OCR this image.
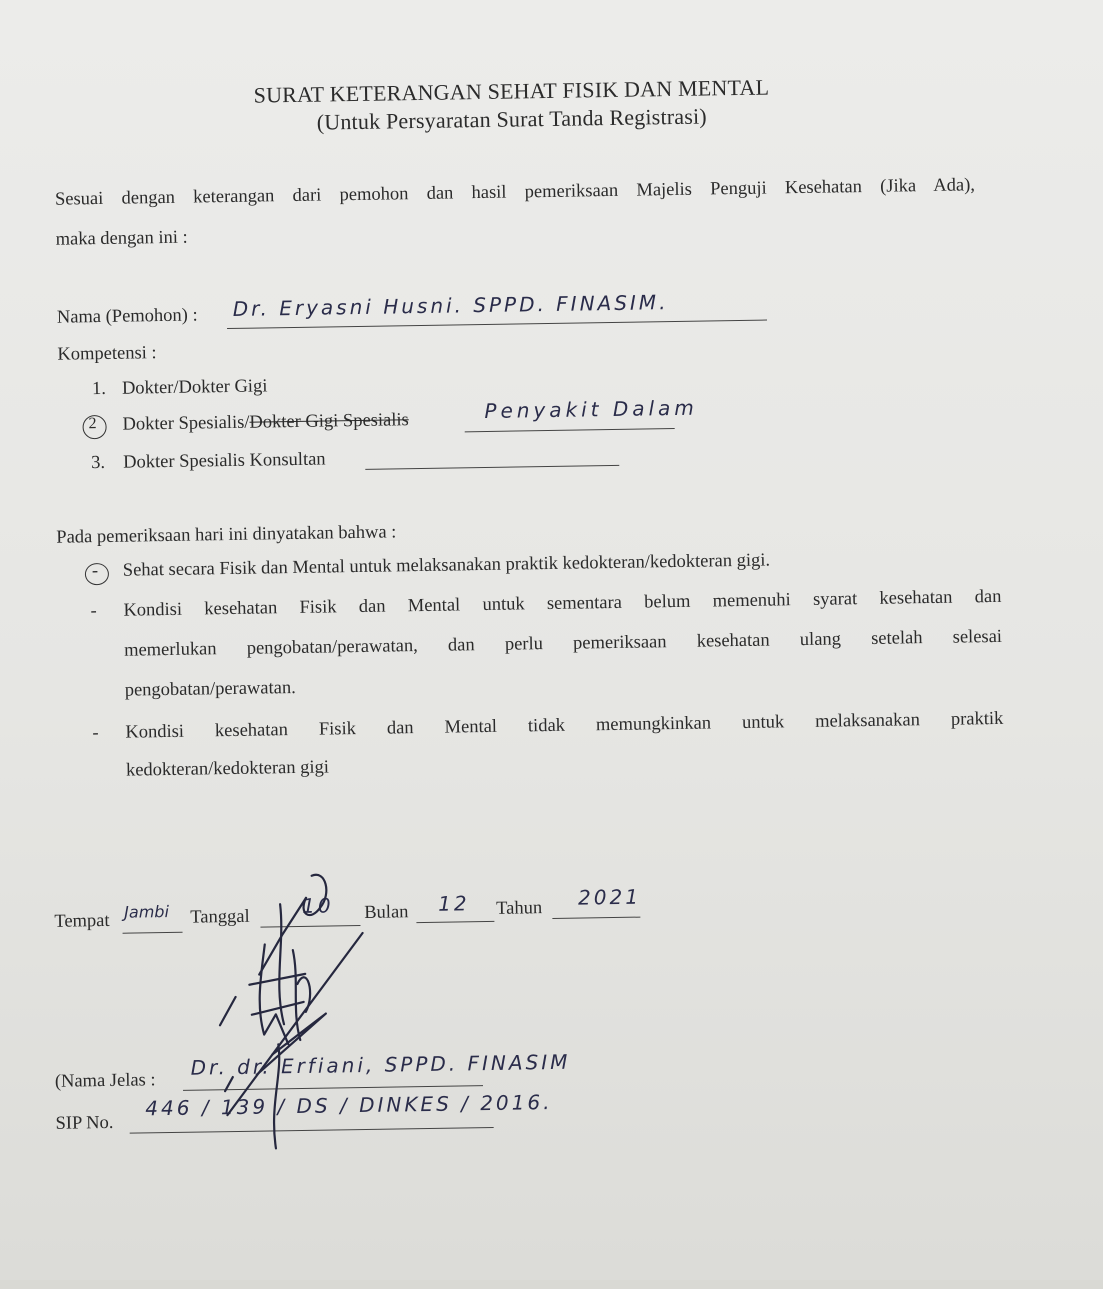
SURAT KETERANGAN SEHAT FISIK DAN MENTAL
(Untuk Persyaratan Surat Tanda Registrasi)
Sesuai dengan keterangan dari pemohon dan hasil pemeriksaan Majelis Penguji Kesehatan (Jika Ada),
maka dengan ini :
Nama (Pemohon) : Dr. Eryasni Husni. SPPD. FINASIM.
Kompetensi :
1. Dokter/Dokter Gigi
2 Dokter Spesialis/Dokter Gigi Spesialis	Penyakit Dalam
3. Dokter Spesialis Konsultan
Pada pemeriksaan hari ini dinyatakan bahwa :
- Sehat secara Fisik dan Mental untuk melaksanakan praktik kedokteran/kedokteran gigi.
- Kondisi kesehatan Fisik dan Mental untuk sementara belum memenuhi syarat kesehatan dan
memerlukan pengobatan/perawatan, dan perlu pemeriksaan kesehatan ulang setelah selesai
pengobatan/perawatan.
- Kondisi kesehatan Fisik dan Mental tidak memungkinkan untuk melaksanakan praktik
kedokteran/kedokteran gigi
Tempat Jambi Tanggal	10 Bulan 12 Tahun 2021
(Nama Jelas :
Dr. dr. Erfiani, SPPD. FINASIM
SIP No.
446 / 139 / DS / DINKES / 2016.
